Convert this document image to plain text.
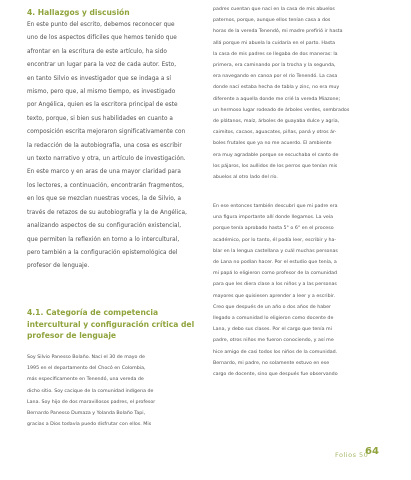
4. Hallazgos y discusión
En este punto del escrito, debemos reconocer que
uno de los aspectos difíciles que hemos tenido que
afrontar en la escritura de este artículo, ha sido
encontrar un lugar para la voz de cada autor. Esto,
en tanto Silvio es investigador que se indaga a sí
mismo, pero que, al mismo tiempo, es investigado
por Angélica, quien es la escritora principal de este
texto, porque, si bien sus habilidades en cuanto a
composición escrita mejoraron significativamente con
la redacción de la autobiografía, una cosa es escribir
un texto narrativo y otra, un artículo de investigación.
En este marco y en aras de una mayor claridad para
los lectores, a continuación, encontrarán fragmentos,
en los que se mezclan nuestras voces, la de Silvio, a
través de retazos de su autobiografía y la de Angélica,
analizando aspectos de su configuración existencial,
que permiten la reflexión en torno a lo intercultural,
pero también a la configuración epistemológica del
profesor de lenguaje.
4.1. Categoría de competencia
intercultural y configuración crítica del
profesor de lenguaje
Soy Silvio Panesso Bolaño. Nací el 30 de mayo de
1995 en el departamento del Chocó en Colombia,
más específicamente en Tenendó, una vereda de
dicho sitio. Soy cacique de la comunidad indígena de
Lana. Soy hijo de dos maravillosos padres, el profesor
Bernardo Panesso Dumaza y Yolanda Bolaño Tapi,
gracias a Dios todavía puedo disfrutar con ellos. Mis
padres cuentan que nací en la casa de mis abuelos
paternos, porque, aunque ellos tenían casa a dos
horas de la vereda Tenendó, mi madre prefirió ir hasta
allá porque mi abuela la cuidaría en el parto. Hasta
la casa de mis padres se llegaba de dos maneras: la
primera, era caminando por la trocha y la segunda,
era navegando en canoa por el río Tenendó. La casa
donde nací estaba hecha de tabla y zinc, no era muy
diferente a aquella donde me crié la vereda Miazone;
un hermoso lugar rodeado de árboles verdes, sembrados
de plátanos, maíz, árboles de guayaba dulce y agria,
caimitos, cacaos, aguacates, piñas, paná y otros ár-
boles frutales que ya no me acuerdo. El ambiente
era muy agradable porque se escuchaba el canto de
los pájaros, los aullidos de los perros que tenían mis
abuelos al otro lado del río.
En ese entonces también descubrí que mi padre era
una figura importante allí donde llegamos. La veía
porque tenía aprobado hasta 5° o 6° en el proceso
académico, por lo tanto, él podía leer, escribir y ha-
blar en la lengua castellana y cuál muchas personas
de Lana no podían hacer. Por el estudio que tenía, a
mi papá lo eligieron como profesor de la comunidad
para que les diera clase a los niños y a las personas
mayores que quisiesen aprender a leer y a escribir.
Creo que después de un año o dos años de haber
llegado a comunidad lo eligieron como docente de
Lana, y debo sus clases. Por el cargo que tenía mi
padre, otros niños me fueron conociendo, y así me
hice amigo de casi todos los niños de la comunidad.
Bernardo, mi padre, no solamente estuvo en ese
cargo de docente, sino que después fue observando
Folios 50
64
